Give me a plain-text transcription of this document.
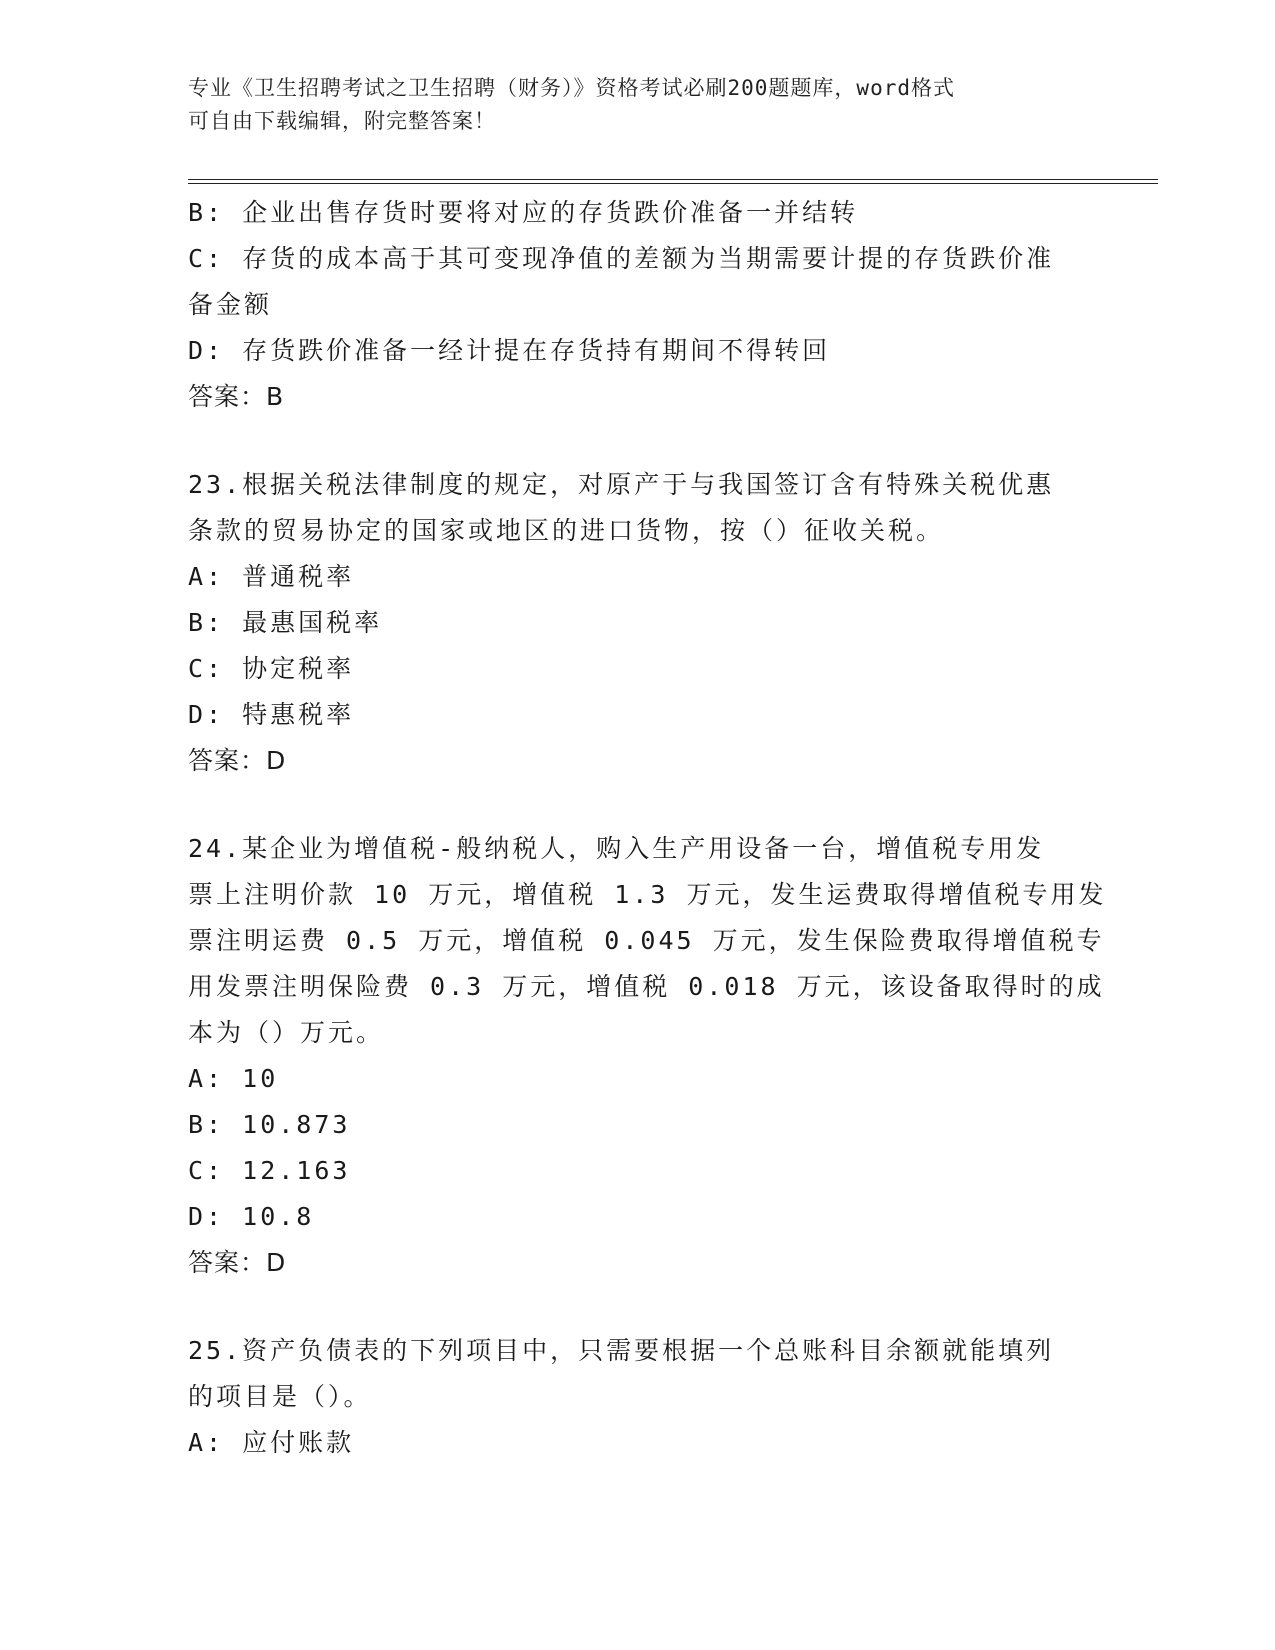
专业《卫生招聘考试之卫生招聘（财务）》资格考试必刷200题题库，word格式
可自由下载编辑，附完整答案！
B: 企业出售存货时要将对应的存货跌价准备一并结转
C: 存货的成本高于其可变现净值的差额为当期需要计提的存货跌价准
备金额
D: 存货跌价准备一经计提在存货持有期间不得转回
答案：B
23.根据关税法律制度的规定，对原产于与我国签订含有特殊关税优惠
条款的贸易协定的国家或地区的进口货物，按（）征收关税。
A: 普通税率
B: 最惠国税率
C: 协定税率
D: 特惠税率
答案：D
24.某企业为增值税-般纳税人，购入生产用设备一台，增值税专用发
票上注明价款 10 万元，增值税 1.3 万元，发生运费取得增值税专用发
票注明运费 0.5 万元，增值税 0.045 万元，发生保险费取得增值税专
用发票注明保险费 0.3 万元，增值税 0.018 万元，该设备取得时的成
本为（）万元。
A: 10
B: 10.873
C: 12.163
D: 10.8
答案：D
25.资产负债表的下列项目中，只需要根据一个总账科目余额就能填列
的项目是（）。
A: 应付账款
